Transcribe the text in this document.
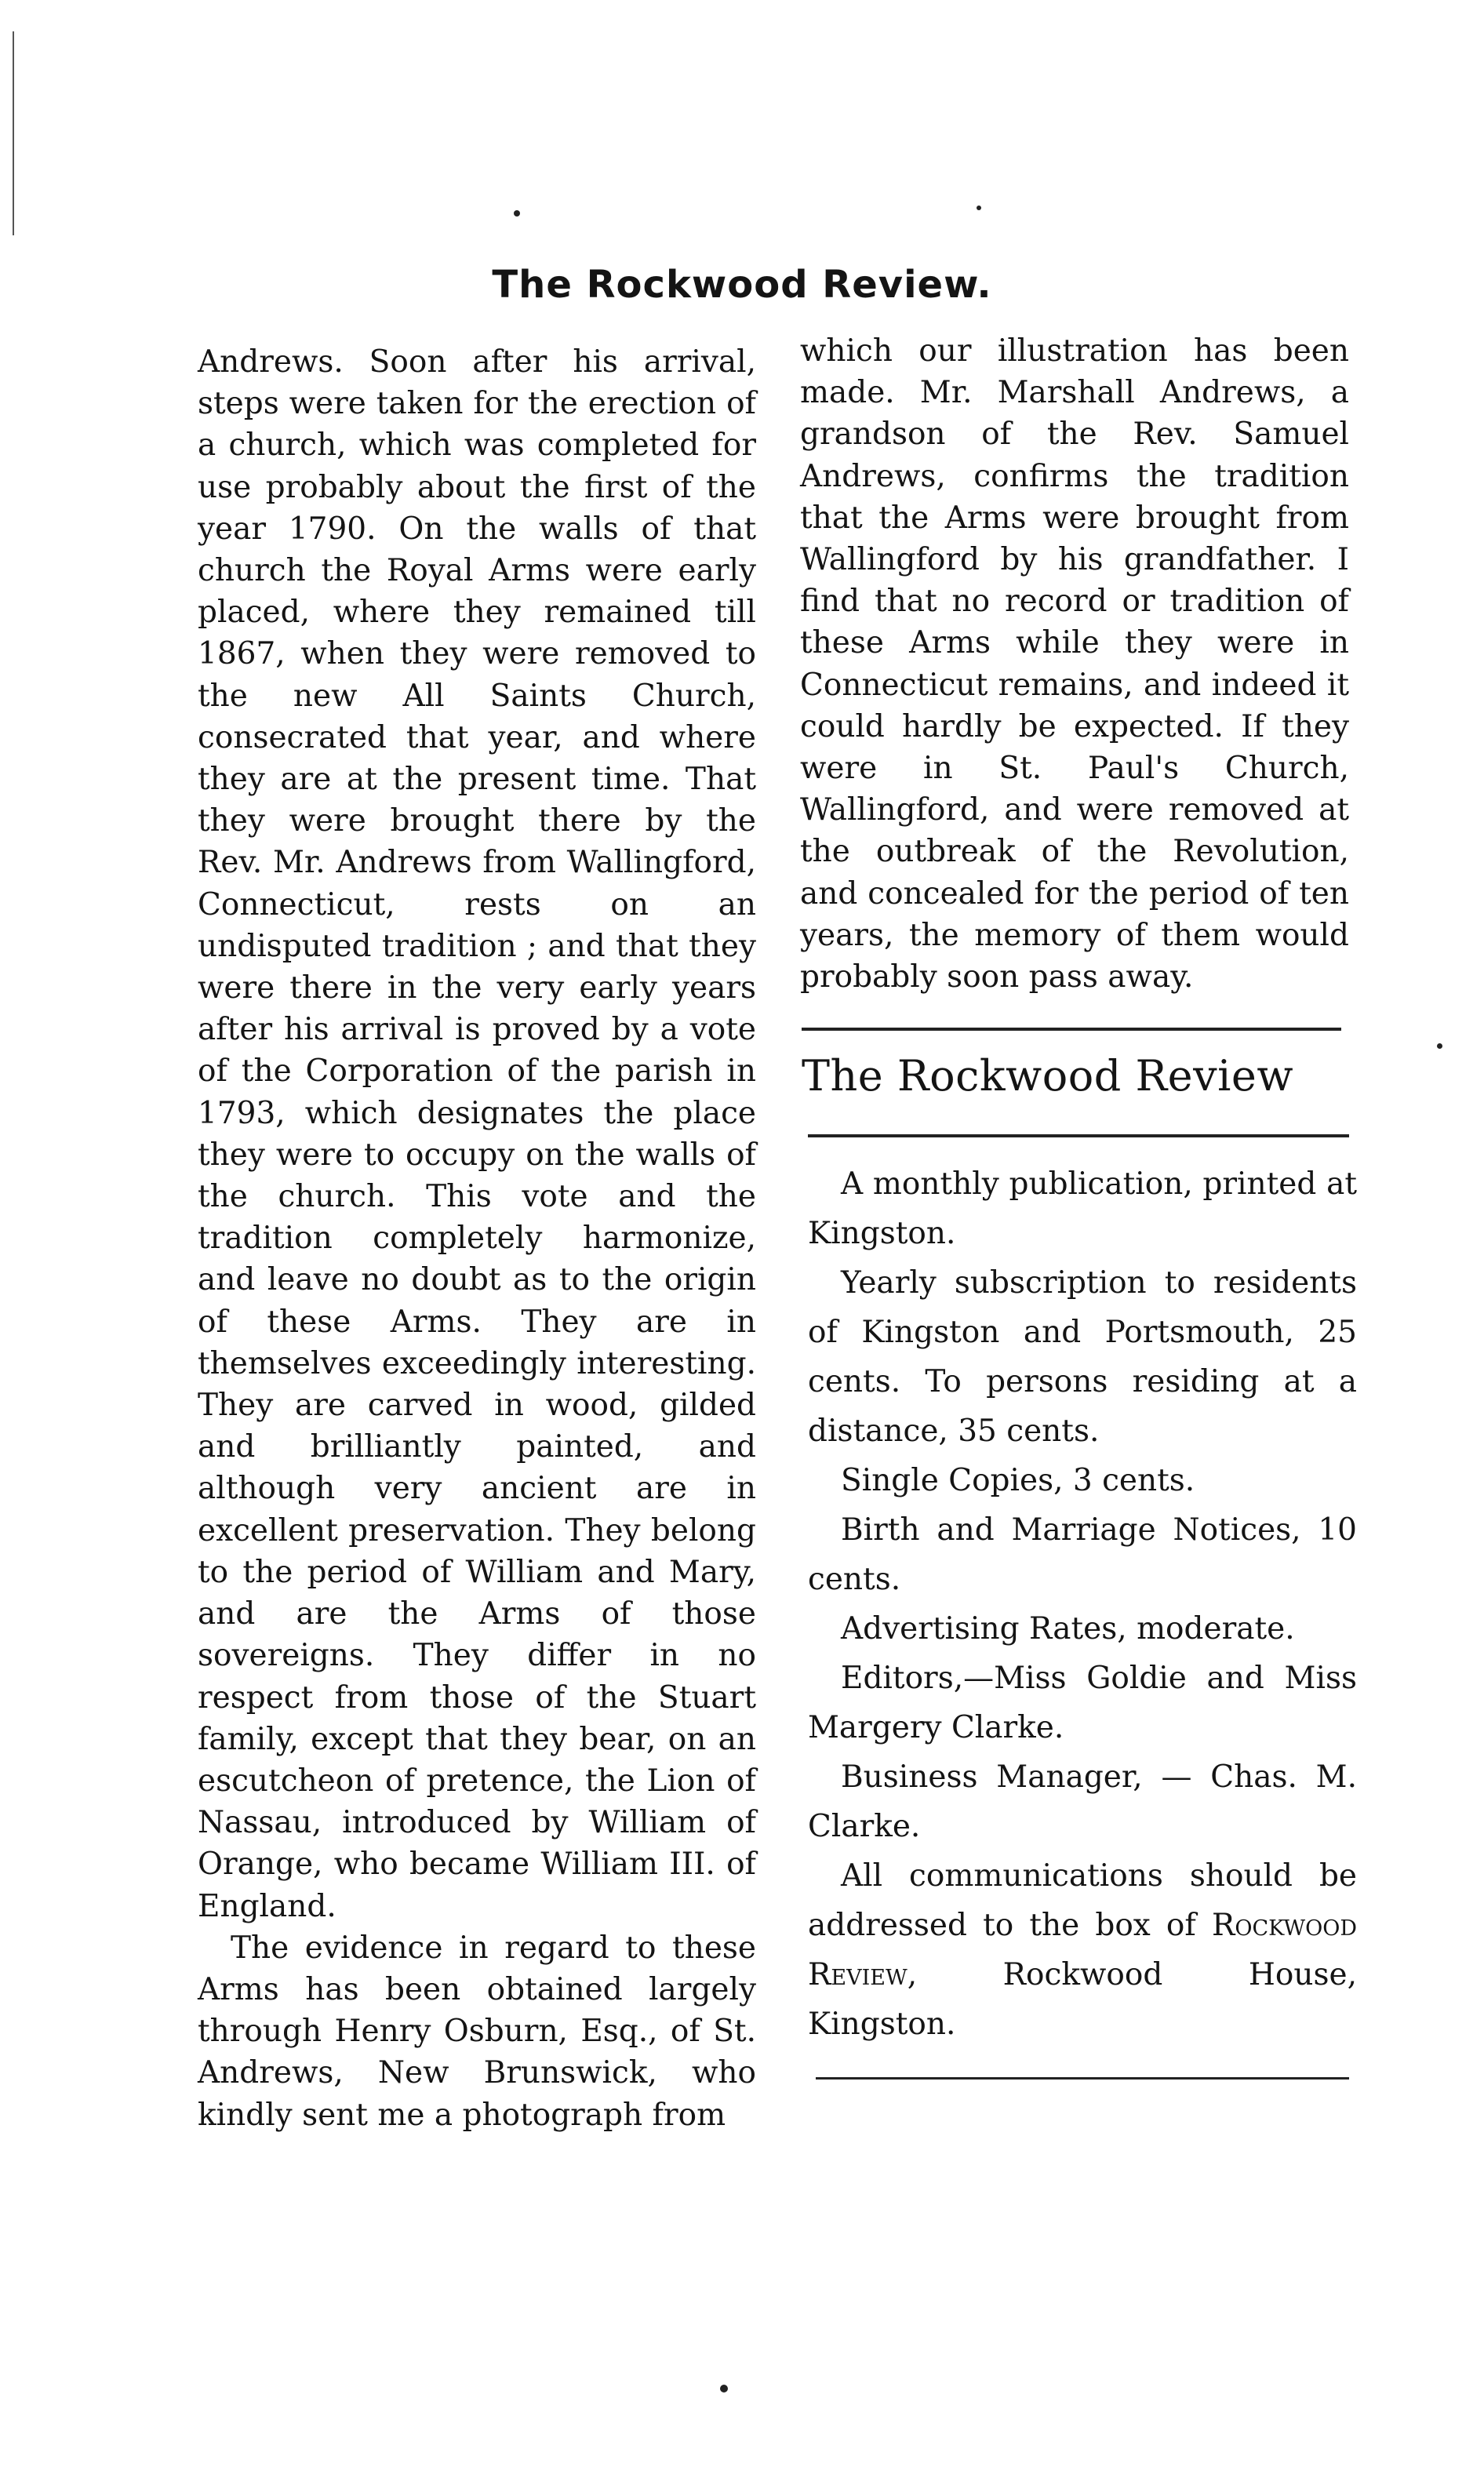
The Rockwood Review.

Andrews. Soon after his arrival, steps were taken for the erection of a church, which was completed for use probably about the first of the year 1790. On the walls of that church the Royal Arms were early placed, where they remained till 1867, when they were removed to the new All Saints Church, consecrated that year, and where they are at the present time. That they were brought there by the Rev. Mr. Andrews from Wallingford, Connecticut, rests on an undisputed tradition ; and that they were there in the very early years after his arrival is proved by a vote of the Corporation of the parish in 1793, which designates the place they were to occupy on the walls of the church. This vote and the tradition completely harmonize, and leave no doubt as to the origin of these Arms. They are in themselves exceedingly interesting. They are carved in wood, gilded and brilliantly painted, and although very ancient are in excellent preservation. They belong to the period of William and Mary, and are the Arms of those sovereigns. They differ in no respect from those of the Stuart family, except that they bear, on an escutcheon of pretence, the Lion of Nassau, introduced by William of Orange, who became William III. of England.

The evidence in regard to these Arms has been obtained largely through Henry Osburn, Esq., of St. Andrews, New Brunswick, who kindly sent me a photograph from

which our illustration has been made. Mr. Marshall Andrews, a grandson of the Rev. Samuel Andrews, confirms the tradition that the Arms were brought from Wallingford by his grandfather. I find that no record or tradition of these Arms while they were in Connecticut remains, and indeed it could hardly be expected. If they were in St. Paul's Church, Wallingford, and were removed at the outbreak of the Revolution, and concealed for the period of ten years, the memory of them would probably soon pass away.

The Rockwood Review

A monthly publication, printed at Kingston.

Yearly subscription to residents of Kingston and Portsmouth, 25 cents. To persons residing at a distance, 35 cents.

Single Copies, 3 cents.

Birth and Marriage Notices, 10 cents.

Advertising Rates, moderate.

Editors,—Miss Goldie and Miss Margery Clarke.

Business Manager, — Chas. M. Clarke.

All communications should be addressed to the box of Rockwood Review, Rockwood House, Kingston.
